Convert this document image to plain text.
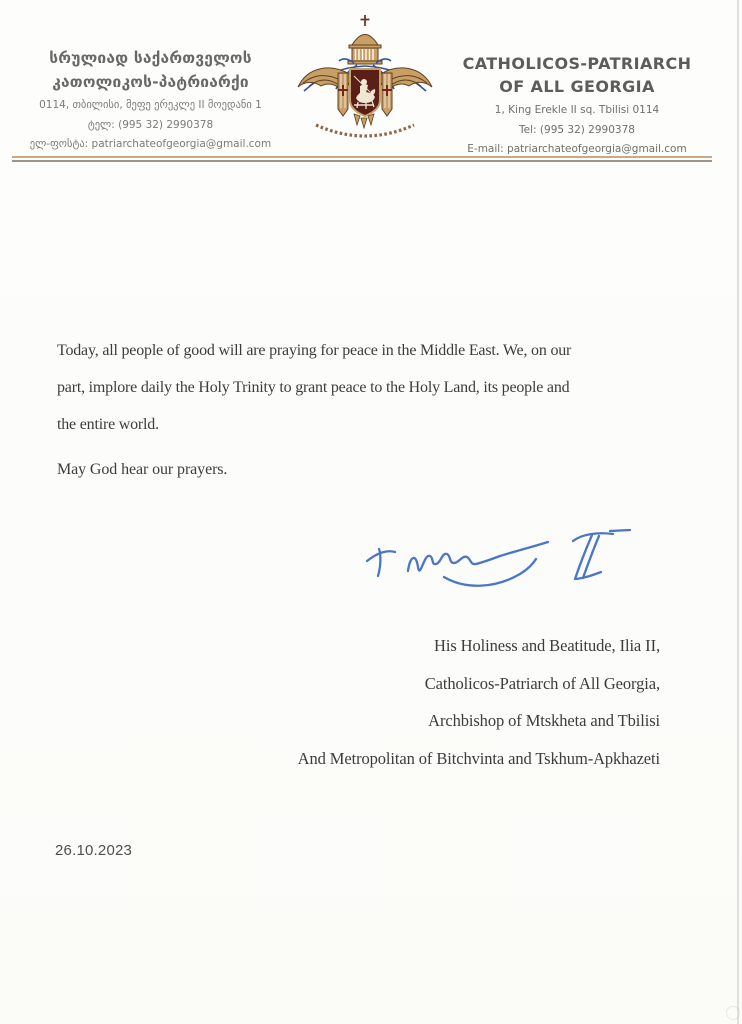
სრულიად საქართველოს
კათოლიკოს-პატრიარქი
0114, თბილისი, მეფე ერეკლე II მოედანი 1
ტელ: (995 32) 2990378
ელ-ფოსტა: patriarchateofgeorgia@gmail.com
CATHOLICOS-PATRIARCH
OF ALL GEORGIA
1, King Erekle II sq. Tbilisi 0114
Tel: (995 32) 2990378
E-mail: patriarchateofgeorgia@gmail.com
Today, all people of good will are praying for peace in the Middle East. We, on our
part, implore daily the Holy Trinity to grant peace to the Holy Land, its people and
the entire world.
May God hear our prayers.
His Holiness and Beatitude, Ilia II,
Catholicos-Patriarch of All Georgia,
Archbishop of Mtskheta and Tbilisi
And Metropolitan of Bitchvinta and Tskhum-Apkhazeti
26.10.2023
